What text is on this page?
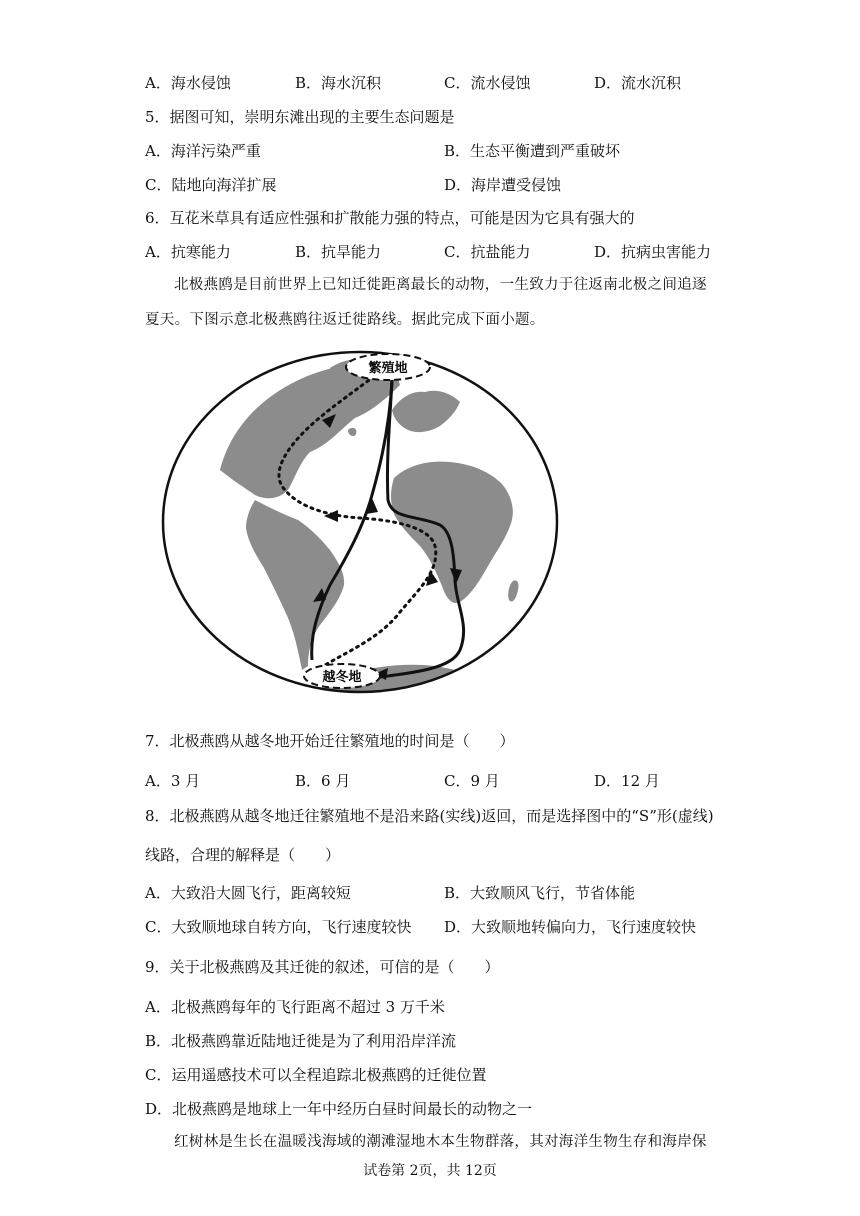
A．海水侵蚀	B．海水沉积	C．流水侵蚀	D．流水沉积
5．据图可知，崇明东滩出现的主要生态问题是
A．海洋污染严重	B．生态平衡遭到严重破坏
C．陆地向海洋扩展	D．海岸遭受侵蚀
6．互花米草具有适应性强和扩散能力强的特点，可能是因为它具有强大的
A．抗寒能力	B．抗旱能力	C．抗盐能力	D．抗病虫害能力
北极燕鸥是目前世界上已知迁徙距离最长的动物，一生致力于往返南北极之间追逐
夏天。下图示意北极燕鸥往返迁徙路线。据此完成下面小题。
繁殖地
越冬地
7．北极燕鸥从越冬地开始迁往繁殖地的时间是（　　）
A．3 月	B．6 月	C．9 月	D．12 月
8．北极燕鸥从越冬地迁往繁殖地不是沿来路(实线)返回，而是选择图中的“S”形(虚线)
线路，合理的解释是（　　）
A．大致沿大圆飞行，距离较短	B．大致顺风飞行，节省体能
C．大致顺地球自转方向，飞行速度较快 D．大致顺地转偏向力，飞行速度较快
9．关于北极燕鸥及其迁徙的叙述，可信的是（　　）
A．北极燕鸥每年的飞行距离不超过 3 万千米
B．北极燕鸥靠近陆地迁徙是为了利用沿岸洋流
C．运用遥感技术可以全程追踪北极燕鸥的迁徙位置
D．北极燕鸥是地球上一年中经历白昼时间最长的动物之一
红树林是生长在温暖浅海域的潮滩湿地木本生物群落，其对海洋生物生存和海岸保
试卷第 2页，共 12页
